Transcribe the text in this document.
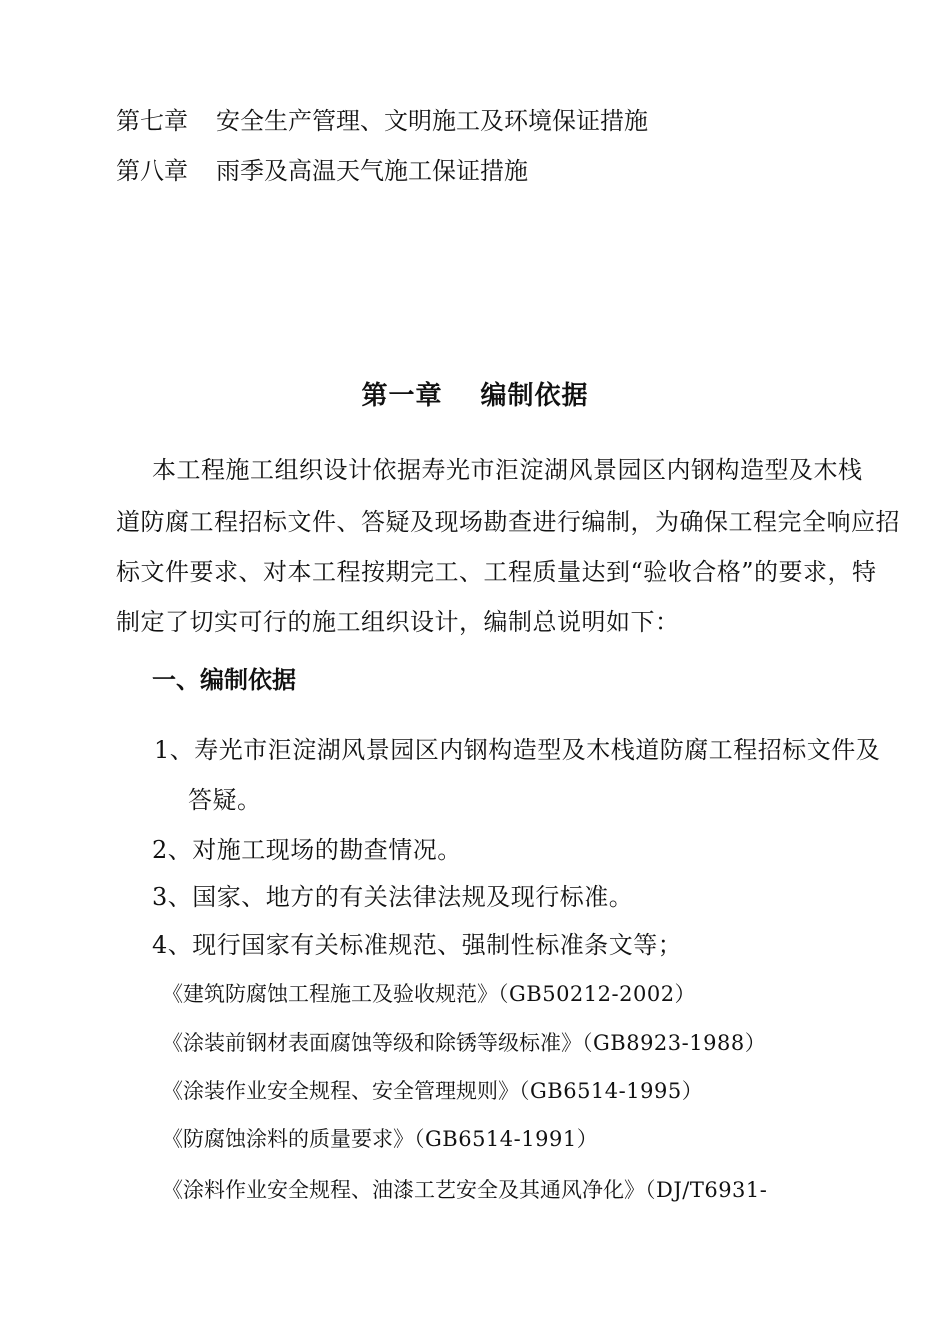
第七章 安全生产管理、文明施工及环境保证措施
第八章 雨季及高温天气施工保证措施
第一章 编制依据
本工程施工组织设计依据寿光市洰淀湖风景园区内钢构造型及木栈
道防腐工程招标文件、答疑及现场勘查进行编制，为确保工程完全响应招
标文件要求、对本工程按期完工、工程质量达到“验收合格”的要求，特
制定了切实可行的施工组织设计，编制总说明如下：
一、编制依据
1、寿光市洰淀湖风景园区内钢构造型及木栈道防腐工程招标文件及
答疑。
2、对施工现场的勘查情况。
3、国家、地方的有关法律法规及现行标准。
4、现行国家有关标准规范、强制性标准条文等；
《建筑防腐蚀工程施工及验收规范》（GB50212-2002）
《涂装前钢材表面腐蚀等级和除锈等级标准》（GB8923-1988）
《涂装作业安全规程、安全管理规则》（GB6514-1995）
《防腐蚀涂料的质量要求》（GB6514-1991）
《涂料作业安全规程、油漆工艺安全及其通风净化》（DJ/T6931-
